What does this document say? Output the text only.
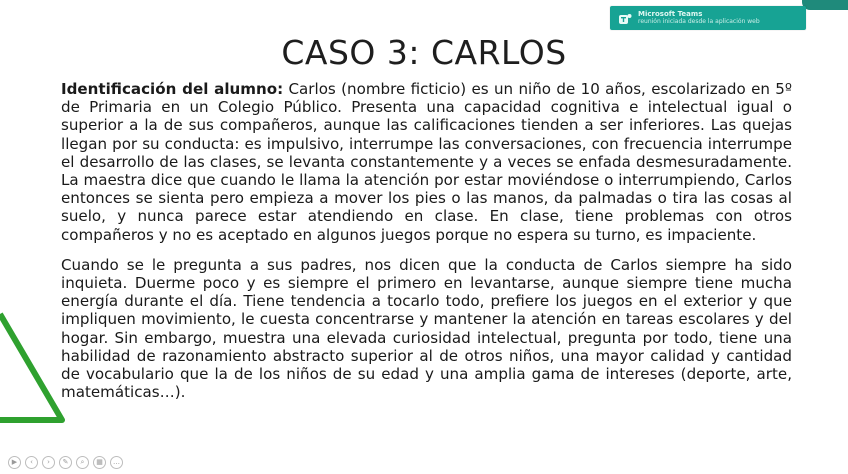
Microsoft Teams
reunión iniciada desde la aplicación web
CASO 3: CARLOS

Identificación del alumno: Carlos (nombre ficticio) es un niño de 10 años, escolarizado en 5º de Primaria en un Colegio Público. Presenta una capacidad cognitiva e intelectual igual o superior a la de sus compañeros, aunque las calificaciones tienden a ser inferiores. Las quejas llegan por su conducta: es impulsivo, interrumpe las conversaciones, con frecuencia interrumpe el desarrollo de las clases, se levanta constantemente y a veces se enfada desmesuradamente. La maestra dice que cuando le llama la atención por estar moviéndose o interrumpiendo, Carlos entonces se sienta pero empieza a mover los pies o las manos, da palmadas o tira las cosas al suelo, y nunca parece estar atendiendo en clase. En clase, tiene problemas con otros compañeros y no es aceptado en algunos juegos porque no espera su turno, es impaciente.

Cuando se le pregunta a sus padres, nos dicen que la conducta de Carlos siempre ha sido inquieta. Duerme poco y es siempre el primero en levantarse, aunque siempre tiene mucha energía durante el día. Tiene tendencia a tocarlo todo, prefiere los juegos en el exterior y que impliquen movimiento, le cuesta concentrarse y mantener la atención en tareas escolares y del hogar. Sin embargo, muestra una elevada curiosidad intelectual, pregunta por todo, tiene una habilidad de razonamiento abstracto superior al de otros niños, una mayor calidad y cantidad de vocabulario que la de los niños de su edad y una amplia gama de intereses (deporte, arte, matemáticas…).

▶ ‹ › ✎ ⌕ ▦ …
